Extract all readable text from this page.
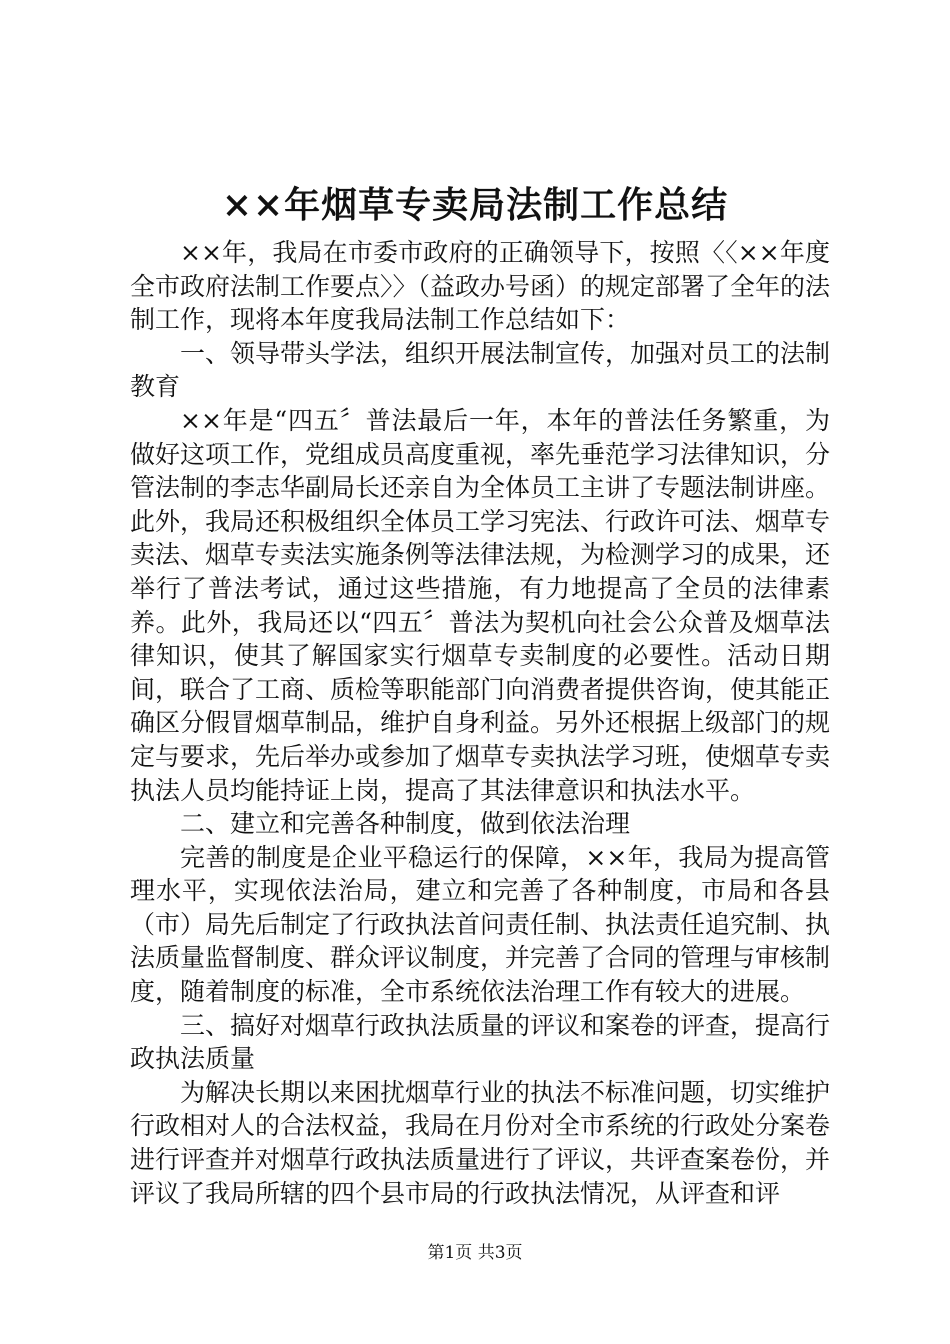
××年烟草专卖局法制工作总结

××年，我局在市委市政府的正确领导下，按照〈〈××年度全市政府法制工作要点〉〉（益政办号函）的规定部署了全年的法制工作，现将本年度我局法制工作总结如下：

一、领导带头学法，组织开展法制宣传，加强对员工的法制教育

××年是“四五〞普法最后一年，本年的普法任务繁重，为做好这项工作，党组成员高度重视，率先垂范学习法律知识，分管法制的李志华副局长还亲自为全体员工主讲了专题法制讲座。此外，我局还积极组织全体员工学习宪法、行政许可法、烟草专卖法、烟草专卖法实施条例等法律法规，为检测学习的成果，还举行了普法考试，通过这些措施，有力地提高了全员的法律素养。此外，我局还以“四五〞普法为契机向社会公众普及烟草法律知识，使其了解国家实行烟草专卖制度的必要性。活动日期间，联合了工商、质检等职能部门向消费者提供咨询，使其能正确区分假冒烟草制品，维护自身利益。另外还根据上级部门的规定与要求，先后举办或参加了烟草专卖执法学习班，使烟草专卖执法人员均能持证上岗，提高了其法律意识和执法水平。

二、建立和完善各种制度，做到依法治理

完善的制度是企业平稳运行的保障，××年，我局为提高管理水平，实现依法治局，建立和完善了各种制度，市局和各县（市）局先后制定了行政执法首问责任制、执法责任追究制、执法质量监督制度、群众评议制度，并完善了合同的管理与审核制度，随着制度的标准，全市系统依法治理工作有较大的进展。

三、搞好对烟草行政执法质量的评议和案卷的评查，提高行政执法质量

为解决长期以来困扰烟草行业的执法不标准问题，切实维护行政相对人的合法权益，我局在月份对全市系统的行政处分案卷进行评查并对烟草行政执法质量进行了评议，共评查案卷份，并评议了我局所辖的四个县市局的行政执法情况，从评查和评

第1页 共3页
